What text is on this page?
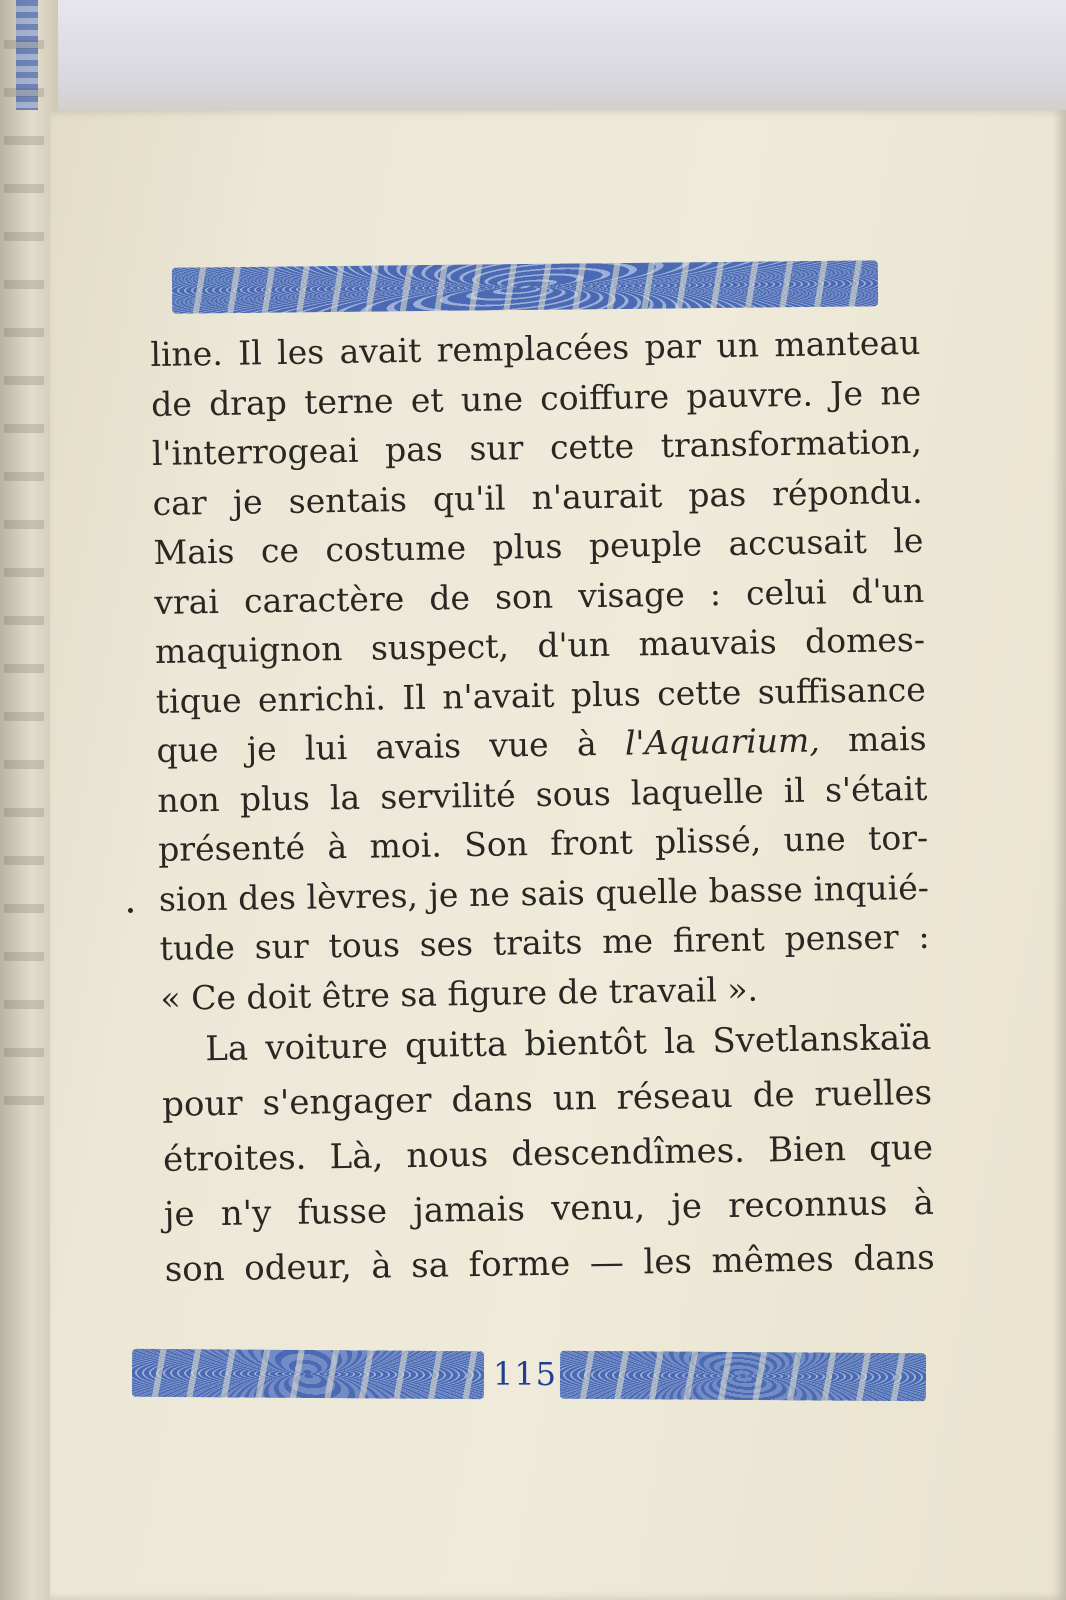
line. Il les avait remplacées par un manteau
de drap terne et une coiffure pauvre. Je ne
l'interrogeai pas sur cette transformation,
car je sentais qu'il n'aurait pas répondu.
Mais ce costume plus peuple accusait le
vrai caractère de son visage : celui d'un
maquignon suspect, d'un mauvais domes-
tique enrichi. Il n'avait plus cette suffisance
que je lui avais vue à l'Aquarium, mais
non plus la servilité sous laquelle il s'était
présenté à moi. Son front plissé, une tor-
sion des lèvres, je ne sais quelle basse inquié-
tude sur tous ses traits me firent penser :
« Ce doit être sa figure de travail ».
La voiture quitta bientôt la Svetlanskaïa
pour s'engager dans un réseau de ruelles
étroites. Là, nous descendîmes. Bien que
je n'y fusse jamais venu, je reconnus à
son odeur, à sa forme — les mêmes dans
115
